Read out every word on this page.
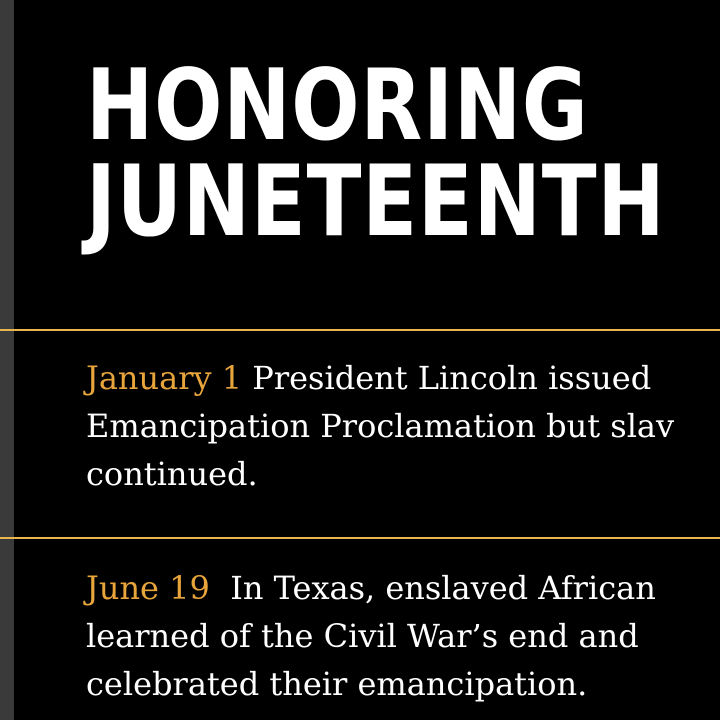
HONORING
JUNETEENTH

January 1 President Lincoln issued
Emancipation Proclamation but slav
continued.

June 19  In Texas, enslaved African
learned of the Civil War’s end and
celebrated their emancipation.
